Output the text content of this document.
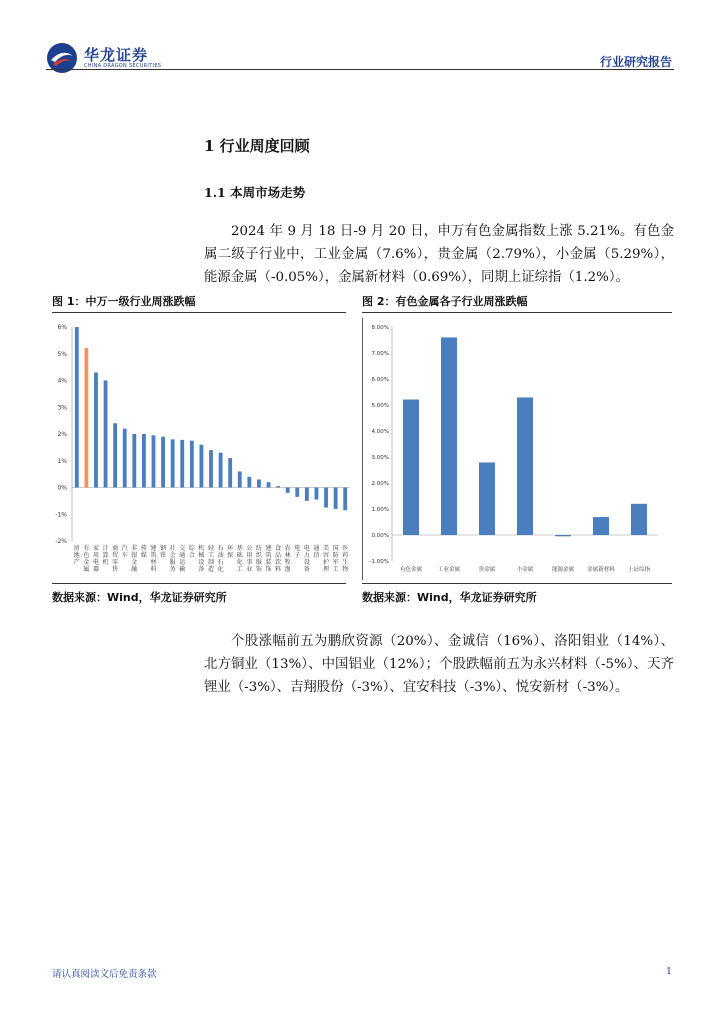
华龙证券
CHINA DRAGON SECURITIES	行业研究报告
1 行业周度回顾
1.1 本周市场走势
2024 年 9 月 18 日-9 月 20 日，申万有色金属指数上涨 5.21%。有色金属二级子行业中，工业金属（7.6%），贵金属（2.79%），小金属（5.29%），能源金属（-0.05%），金属新材料（0.69%），同期上证综指（1.2%）。
图 1：中万一级行业周涨跌幅
-2%
-1%
0%
1%
2%
3%
4%
5%
6%
房地产
有色金属
家用电器
计算机
商贸零售
汽车
非银金融
传媒
建筑材料
钢铁
社会服务
交通运输
综合
机械设备
轻工制造
石油石化
环保
基础化工
公用事业
纺织服饰
建筑装饰
食品饮料
农林牧渔
电子
电力设备
通信
美容护理
国防军工
医药生物
数据来源：Wind，华龙证券研究所
图 2：有色金属各子行业周涨跌幅
-1.00%
0.00%
1.00%
2.00%
3.00%
4.00%
5.00%
6.00%
7.00%
8.00%
有色金属	工业金属	贵金属	小金属	能源金属 金属新材料 上证综指
数据来源：Wind，华龙证券研究所
个股涨幅前五为鹏欣资源（20%）、金诚信（16%）、洛阳钼业（14%）、北方铜业（13%）、中国铝业（12%）；个股跌幅前五为永兴材料（-5%）、天齐锂业（-3%）、吉翔股份（-3%）、宜安科技（-3%）、悦安新材（-3%）。
请认真阅读文后免责条款	1
